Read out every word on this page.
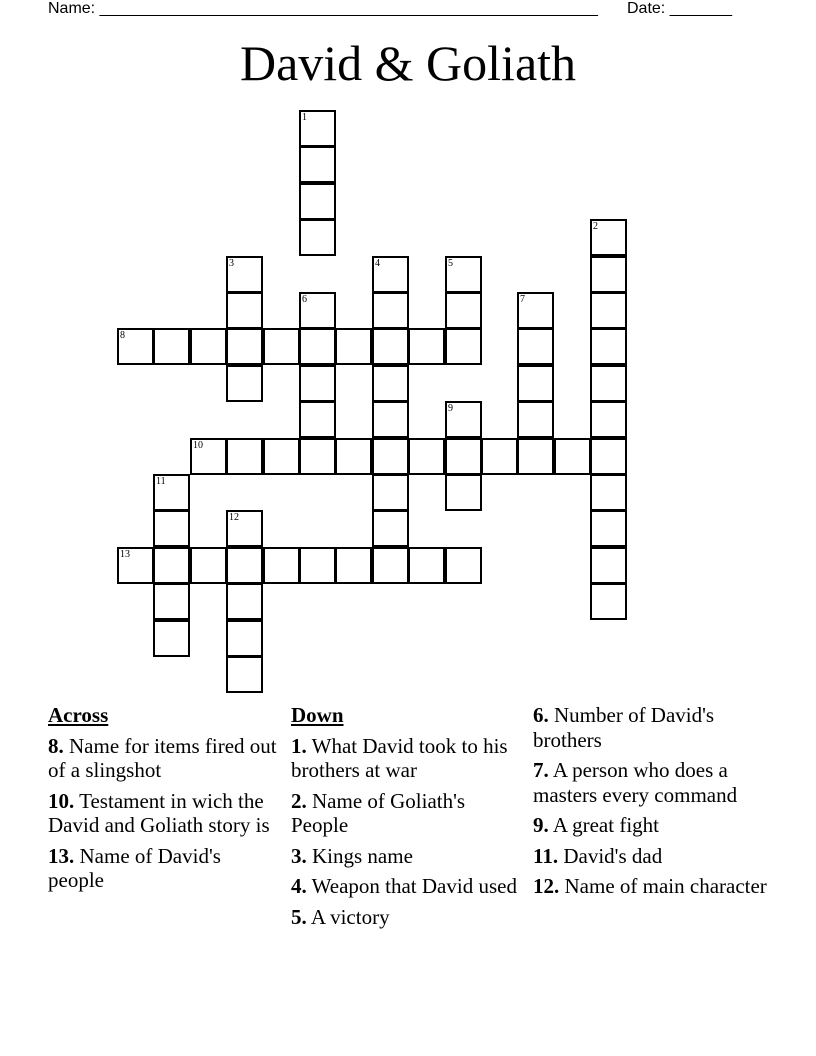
Name: ________________________________________________________ Date: _______
David & Goliath
8
10
13
1
2
3	4	5
6	7
9
11
12
Across
8. Name for items fired out of a slingshot
10. Testament in wich the David and Goliath story is
13. Name of David's people
Down
1. What David took to his brothers at war
2. Name of Goliath's People
3. Kings name
4. Weapon that David used
5. A victory
6. Number of David's brothers
7. A person who does a masters every command
9. A great fight
11. David's dad
12. Name of main character
